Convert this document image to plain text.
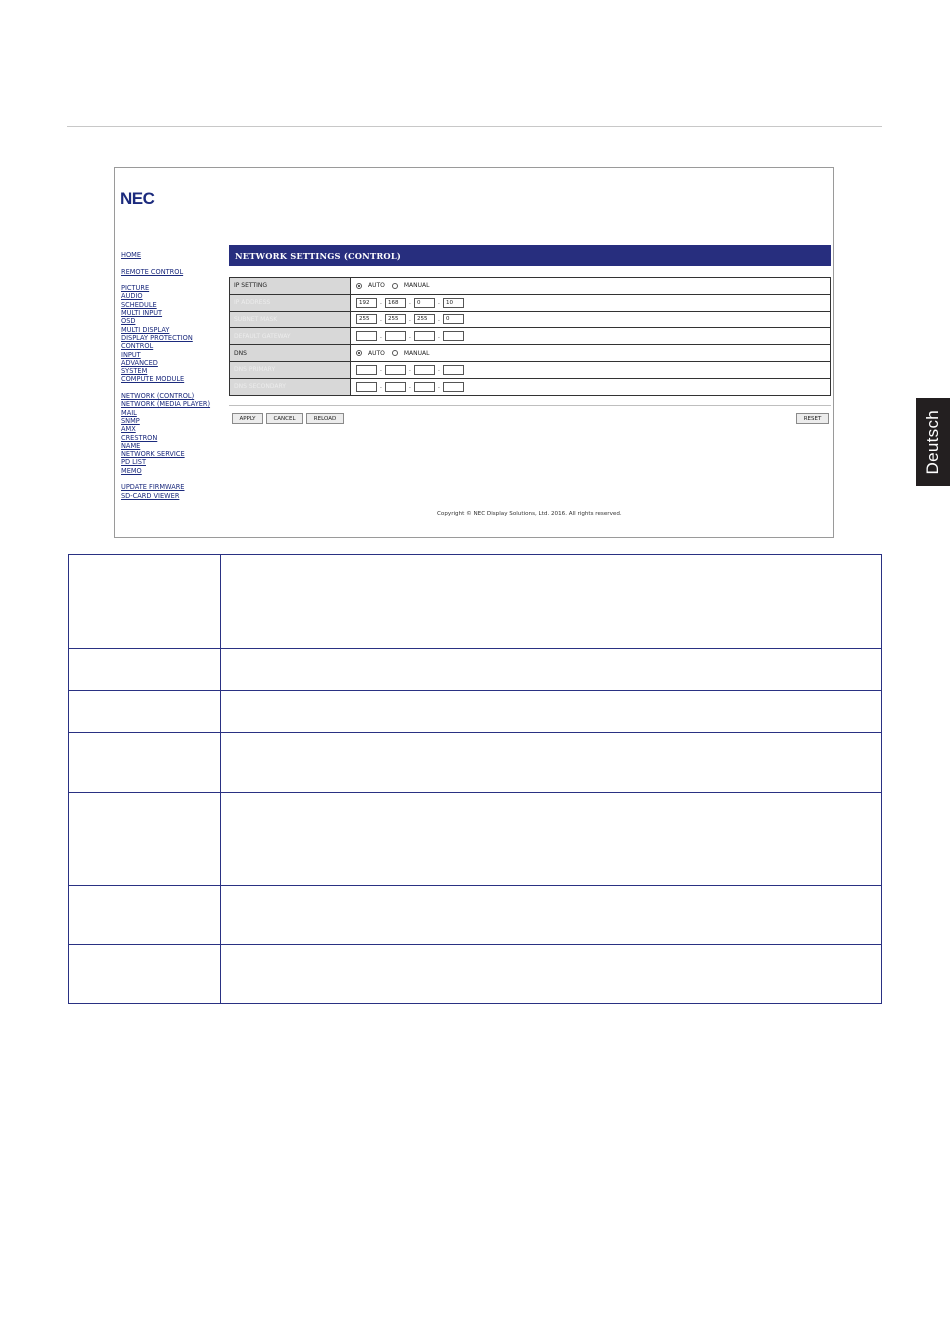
Deutsch
NEC
HOME
REMOTE CONTROL
PICTURE
AUDIO
SCHEDULE
MULTI INPUT
OSD
MULTI DISPLAY
DISPLAY PROTECTION
CONTROL
INPUT
ADVANCED
SYSTEM
COMPUTE MODULE
NETWORK (CONTROL)
NETWORK (MEDIA PLAYER)
MAIL
SNMP
AMX
CRESTRON
NAME
NETWORK SERVICE
PD LIST
MEMO
UPDATE FIRMWARE
SD-CARD VIEWER
NETWORK SETTINGS (CONTROL)
IP SETTING	AUTO MANUAL
IP ADDRESS	192 . 168 . 0 . 10
SUBNET MASK	255 . 255 . 255 . 0
DEFAULT GATEWAY	. . .
DNS	AUTO MANUAL
DNS PRIMARY	. . .
DNS SECONDARY	. . .
APPLY	CANCEL	RELOAD	RESET
Copyright © NEC Display Solutions, Ltd. 2016. All rights reserved.
